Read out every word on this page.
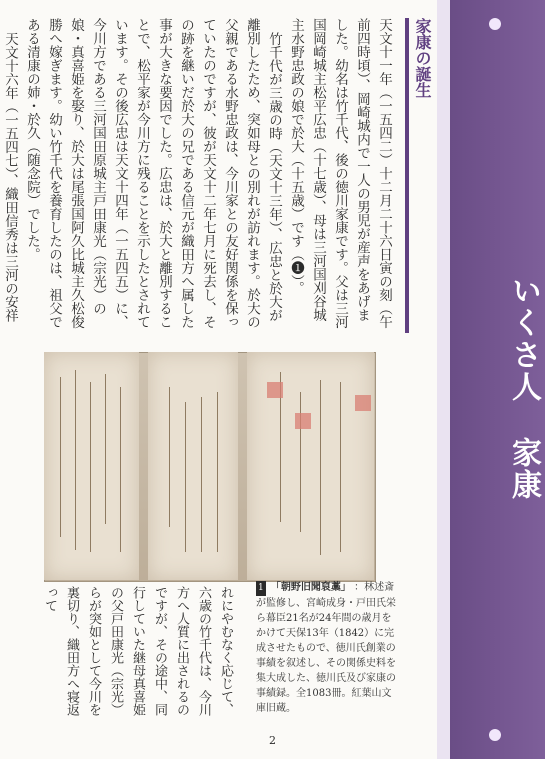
いくさ人
家康
家康の誕生

天文十一年（一五四二）十二月二十六日寅の刻（午前四時頃）、岡崎城内で一人の男児が産声をあげました。幼名は竹千代、後の徳川家康です。父は三河国岡崎城主松平広忠（十七歳）、母は三河国刈谷城主水野忠政の娘で於大（十五歳）です（❶）。

竹千代が三歳の時（天文十三年）、広忠と於大が離別したため、突如母との別れが訪れます。於大の父親である水野忠政は、今川家との友好関係を保っていたのですが、彼が天文十二年七月に死去し、その跡を継いだ於大の兄である信元が織田方へ属した事が大きな要因でした。広忠は、於大と離別することで、松平家が今川方に残ることを示したとされています。その後広忠は天文十四年（一五四五）に、今川方である三河国田原城主戸田康光（宗光）の娘・真喜姫を娶り、於大は尾張国阿久比城主久松俊勝へ嫁ぎます。幼い竹千代を養育したのは、祖父である清康の姉・於久（随念院）でした。

天文十六年（一五四七）、織田信秀は三河の安祥

れにやむなく応じて、六歳の竹千代は、今川方へ人質に出されるのですが、その途中、同行していた継母真喜姫の父戸田康光（宗光）らが突如として今川を裏切り、織田方へ寝返って	1 「朝野旧聞裒藁」 ：林述斎が監修し、宮崎成身・戸田氏栄ら幕臣21名が24年間の歳月をかけて天保13年（1842）に完成させたもので、徳川氏創業の事績を叙述し、その関係史料を集大成した、徳川氏及び家康の事績録。全1083冊。紅葉山文庫旧蔵。
2
